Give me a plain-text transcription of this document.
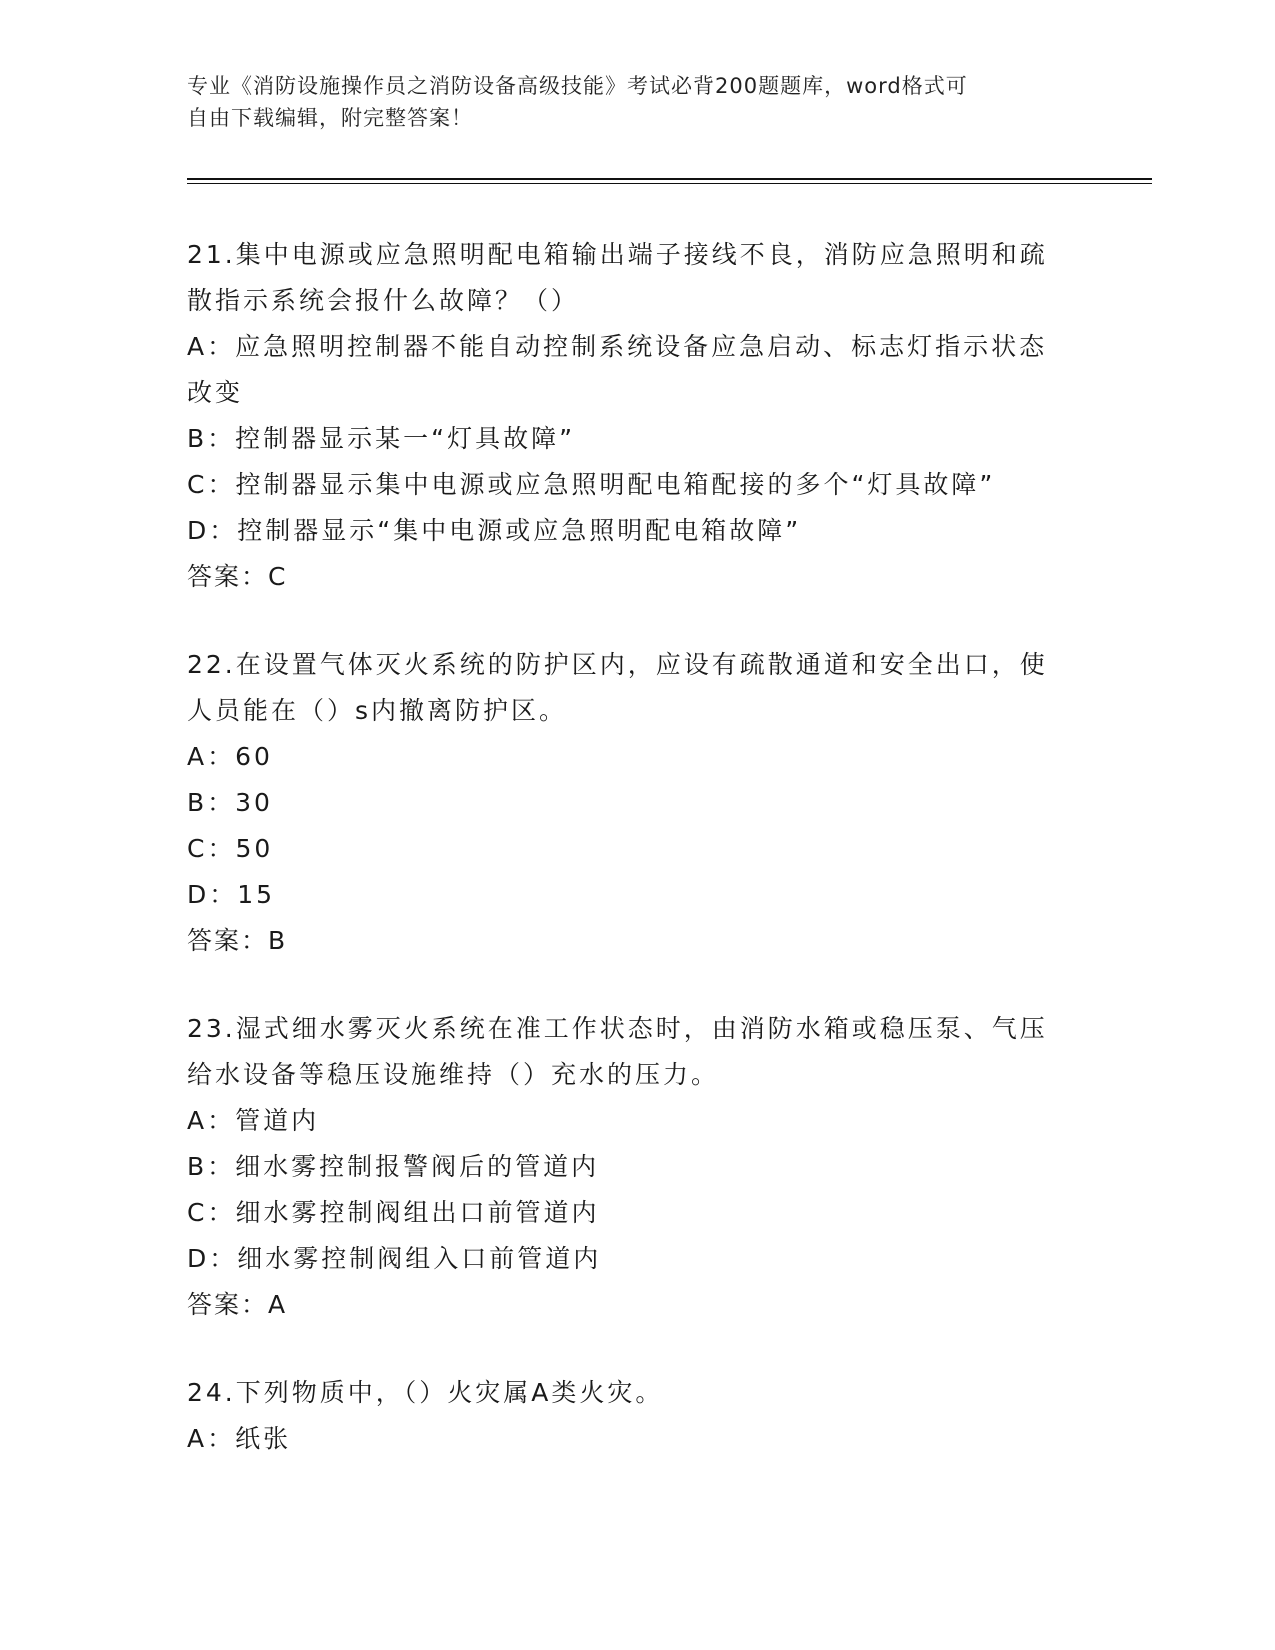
专业《消防设施操作员之消防设备高级技能》考试必背200题题库，word格式可

自由下载编辑，附完整答案！

21.集中电源或应急照明配电箱输出端子接线不良，消防应急照明和疏散指示系统会报什么故障？（）

A：应急照明控制器不能自动控制系统设备应急启动、标志灯指示状态改变

B：控制器显示某一“灯具故障”

C：控制器显示集中电源或应急照明配电箱配接的多个“灯具故障”

D：控制器显示“集中电源或应急照明配电箱故障”

答案：C

22.在设置气体灭火系统的防护区内，应设有疏散通道和安全出口，使人员能在（）s内撤离防护区。

A：60

B：30

C：50

D：15

答案：B

23.湿式细水雾灭火系统在准工作状态时，由消防水箱或稳压泵、气压给水设备等稳压设施维持（）充水的压力。

A：管道内

B：细水雾控制报警阀后的管道内

C：细水雾控制阀组出口前管道内

D：细水雾控制阀组入口前管道内

答案：A

24.下列物质中，（）火灾属A类火灾。

A：纸张
